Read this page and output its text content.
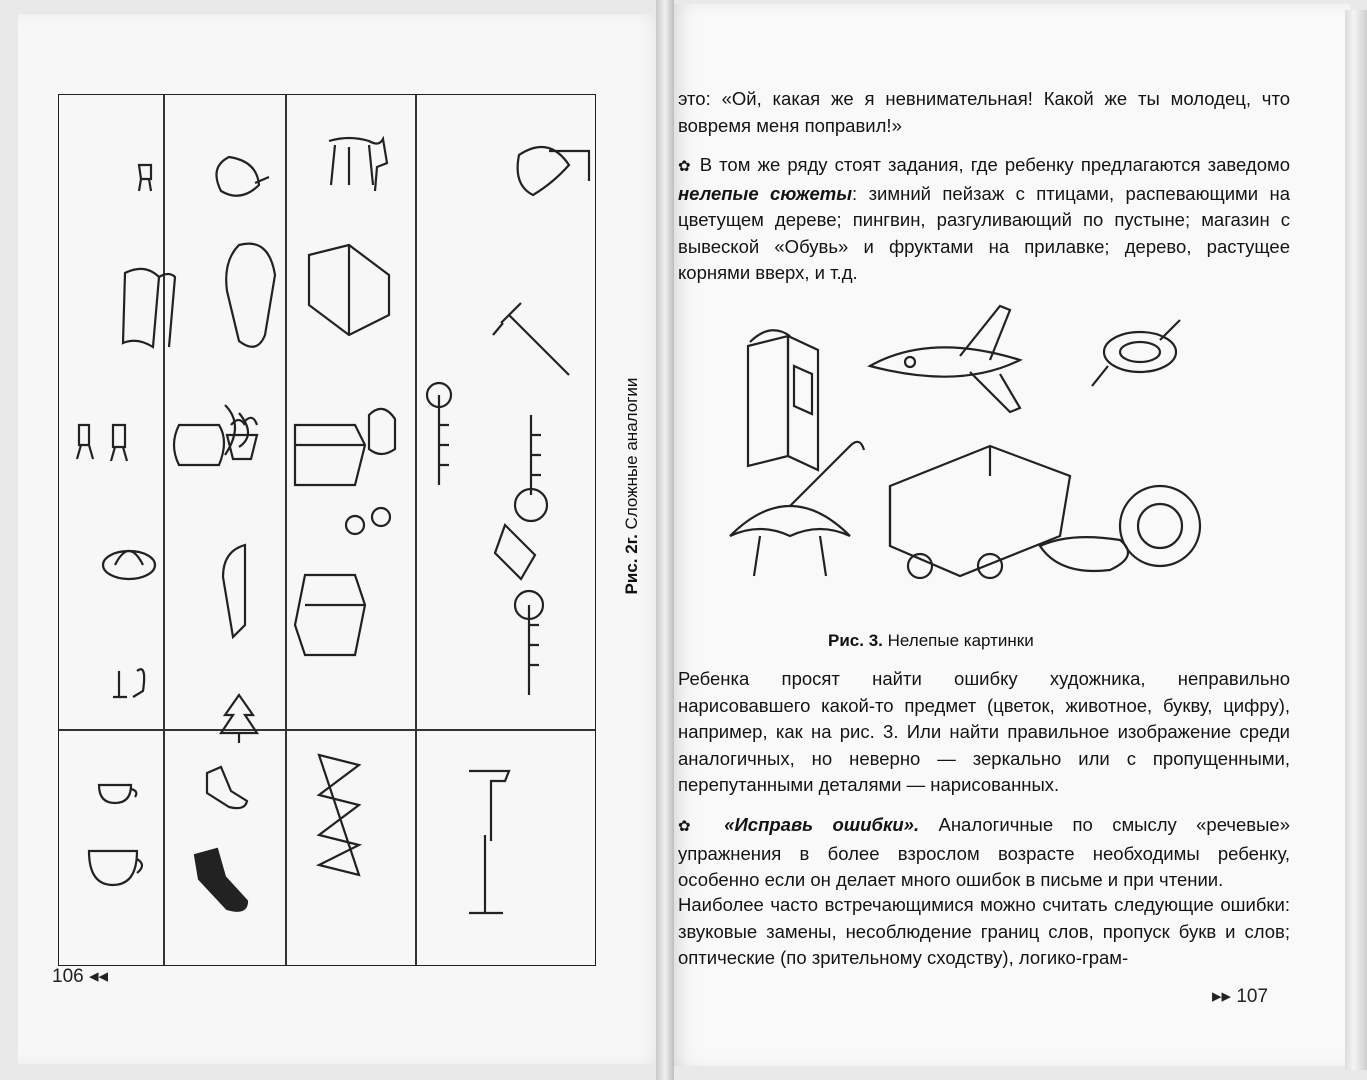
Рис. 2г. Сложные аналогии
106 ◂◂
это: «Ой, какая же я невнимательная! Какой же ты молодец, что вовремя меня поправил!»
✿ В том же ряду стоят задания, где ребенку предлагаются заведомо нелепые сюжеты: зимний пейзаж с птицами, распевающими на цветущем дереве; пингвин, разгуливающий по пустыне; магазин с вывеской «Обувь» и фруктами на прилавке; дерево, растущее корнями вверх, и т.д.
Рис. 3. Нелепые картинки
Ребенка просят найти ошибку художника, неправильно нарисовавшего какой-то предмет (цветок, животное, букву, цифру), например, как на рис. 3. Или найти правильное изображение среди аналогичных, но неверно — зеркально или с пропущенными, перепутанными деталями — нарисованных.
✿ «Исправь ошибки». Аналогичные по смыслу «речевые» упражнения в более взрослом возрасте необходимы ребенку, особенно если он делает много ошибок в письме и при чтении.
Наиболее часто встречающимися можно считать следующие ошибки: звуковые замены, несоблюдение границ слов, пропуск букв и слов; оптические (по зрительному сходству), логико-грам-
▸▸ 107
